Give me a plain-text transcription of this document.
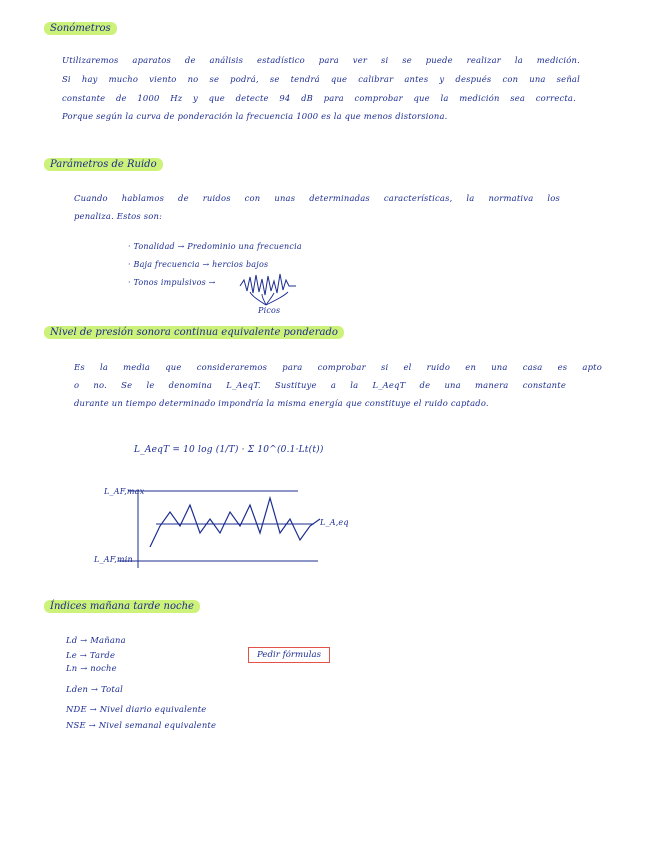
Sonómetros
Utilizaremos aparatos de análisis estadístico para ver si se puede realizar la medición.
Si hay mucho viento no se podrá, se tendrá que calibrar antes y después con una señal
constante de 1000 Hz y que detecte 94 dB para comprobar que la medición sea correcta.
Porque según la curva de ponderación la frecuencia 1000 es la que menos distorsiona.
Parámetros de Ruido
Cuando hablamos de ruidos con unas determinadas características, la normativa los
penaliza. Estos son:
· Tonalidad → Predominio una frecuencia
· Baja frecuencia → hercios bajos
· Tonos impulsivos →
Picos
Nivel de presión sonora continua equivalente ponderado
Es la media que consideraremos para comprobar si el ruido en una casa es apto
o no. Se le denomina L_AeqT. Sustituye a la L_AeqT de una manera constante
durante un tiempo determinado impondría la misma energía que constituye el ruido captado.
L_AeqT = 10 log (1/T) · Σ 10^(0.1·Lt(t))
L_AF,max
L_A,eq
L_AF,min
Índices mañana tarde noche
Ld → Mañana
Le → Tarde
Ln → noche
Lden → Total
NDE → Nivel diario equivalente
NSE → Nivel semanal equivalente
Pedir fórmulas
